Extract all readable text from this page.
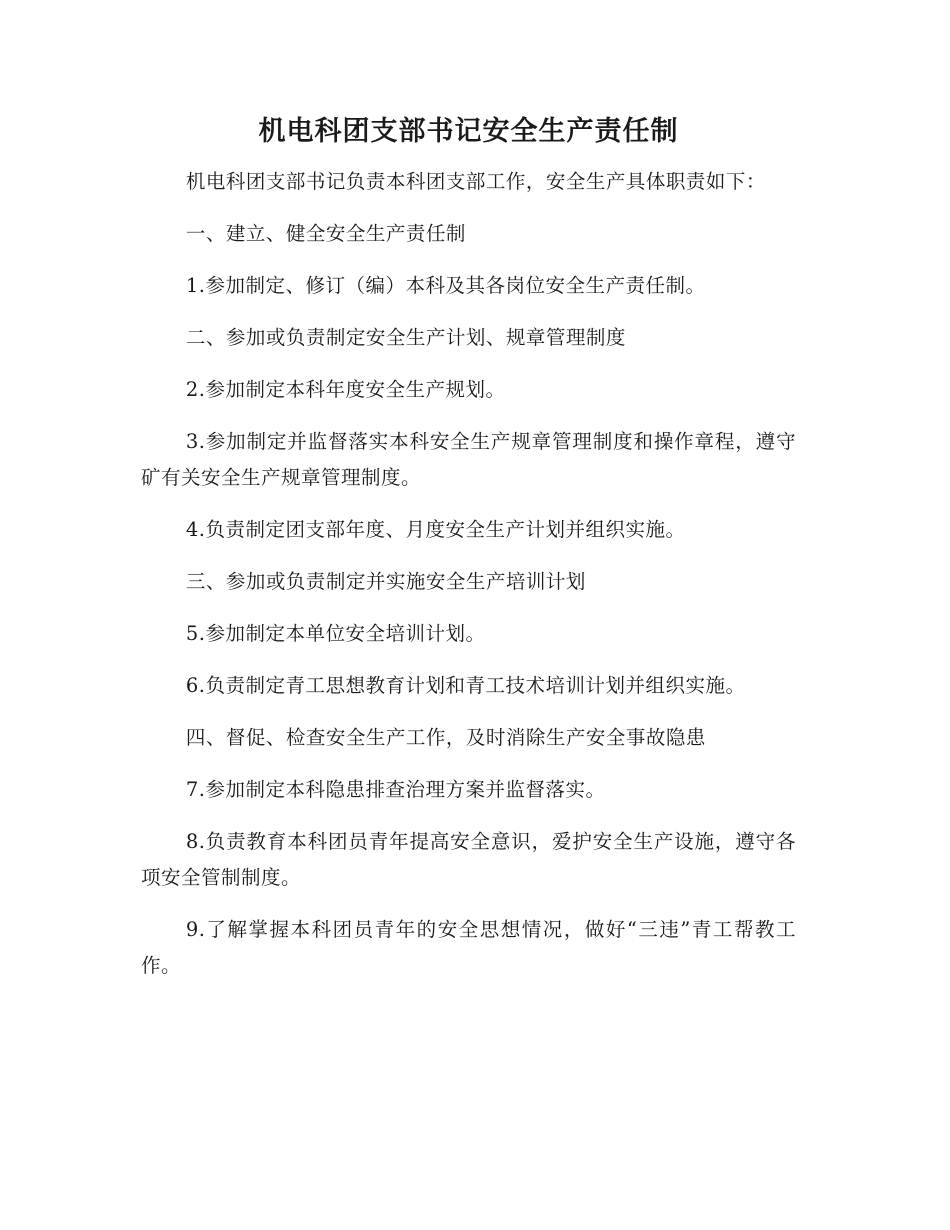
机电科团支部书记安全生产责任制

机电科团支部书记负责本科团支部工作，安全生产具体职责如下：

一、建立、健全安全生产责任制

1.参加制定、修订（编）本科及其各岗位安全生产责任制。

二、参加或负责制定安全生产计划、规章管理制度

2.参加制定本科年度安全生产规划。

3.参加制定并监督落实本科安全生产规章管理制度和操作章程，遵守矿有关安全生产规章管理制度。

4.负责制定团支部年度、月度安全生产计划并组织实施。

三、参加或负责制定并实施安全生产培训计划

5.参加制定本单位安全培训计划。

6.负责制定青工思想教育计划和青工技术培训计划并组织实施。

四、督促、检查安全生产工作，及时消除生产安全事故隐患

7.参加制定本科隐患排查治理方案并监督落实。

8.负责教育本科团员青年提高安全意识，爱护安全生产设施，遵守各项安全管制制度。

9.了解掌握本科团员青年的安全思想情况，做好“三违”青工帮教工作。
